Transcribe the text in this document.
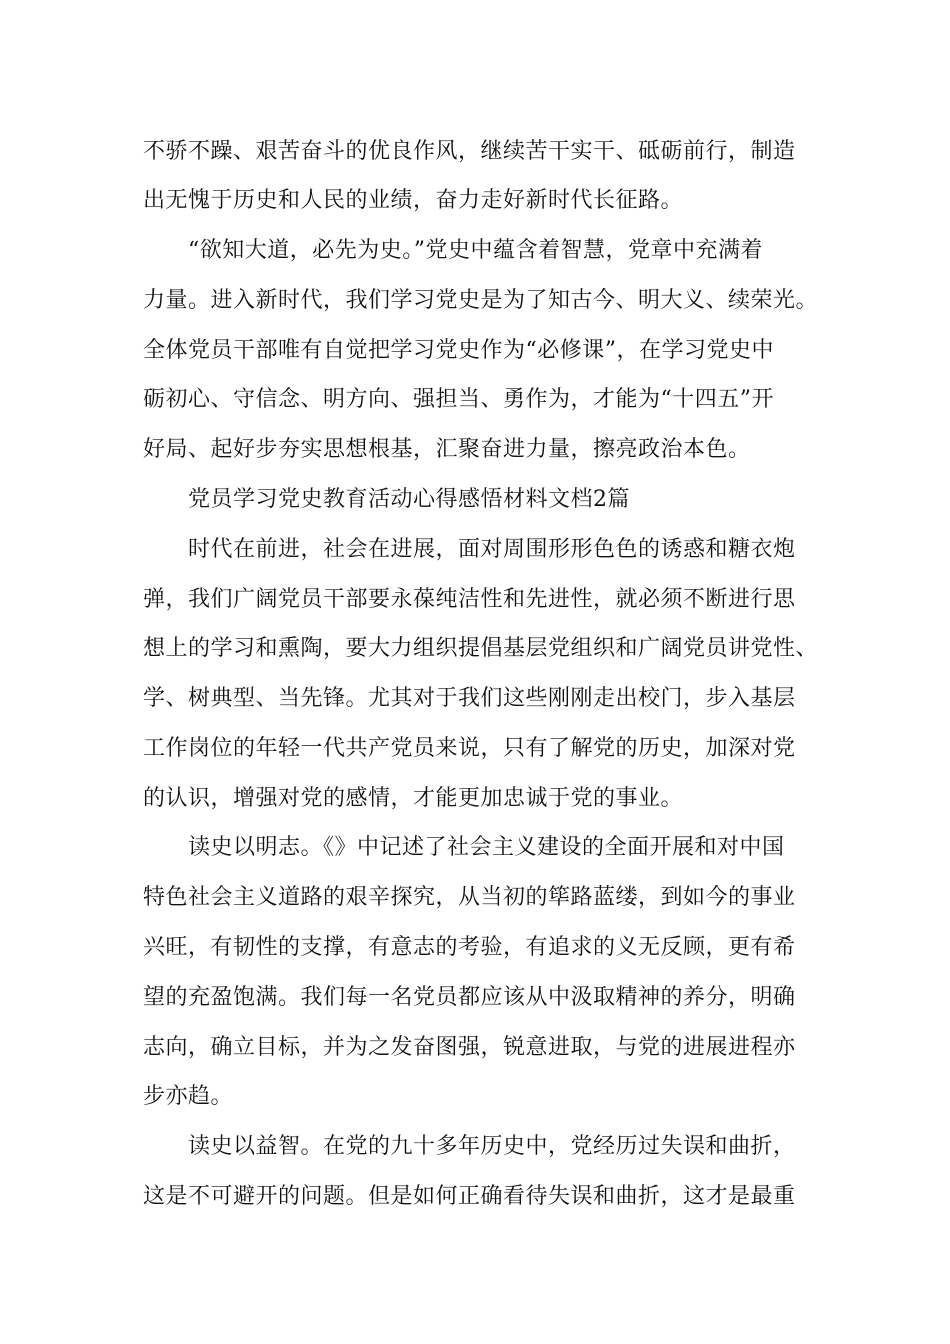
不骄不躁、艰苦奋斗的优良作风，继续苦干实干、砥砺前行，制造
出无愧于历史和人民的业绩，奋力走好新时代长征路。
“欲知大道，必先为史。”党史中蕴含着智慧，党章中充满着
力量。进入新时代，我们学习党史是为了知古今、明大义、续荣光。
全体党员干部唯有自觉把学习党史作为“必修课”，在学习党史中
砺初心、守信念、明方向、强担当、勇作为，才能为“十四五”开
好局、起好步夯实思想根基，汇聚奋进力量，擦亮政治本色。
党员学习党史教育活动心得感悟材料文档2篇
时代在前进，社会在进展，面对周围形形色色的诱惑和糖衣炮
弹，我们广阔党员干部要永葆纯洁性和先进性，就必须不断进行思
想上的学习和熏陶，要大力组织提倡基层党组织和广阔党员讲党性、
学、树典型、当先锋。尤其对于我们这些刚刚走出校门，步入基层
工作岗位的年轻一代共产党员来说，只有了解党的历史，加深对党
的认识，增强对党的感情，才能更加忠诚于党的事业。
读史以明志。《》中记述了社会主义建设的全面开展和对中国
特色社会主义道路的艰辛探究，从当初的筚路蓝缕，到如今的事业
兴旺，有韧性的支撑，有意志的考验，有追求的义无反顾，更有希
望的充盈饱满。我们每一名党员都应该从中汲取精神的养分，明确
志向，确立目标，并为之发奋图强，锐意进取，与党的进展进程亦
步亦趋。
读史以益智。在党的九十多年历史中，党经历过失误和曲折，
这是不可避开的问题。但是如何正确看待失误和曲折，这才是最重
